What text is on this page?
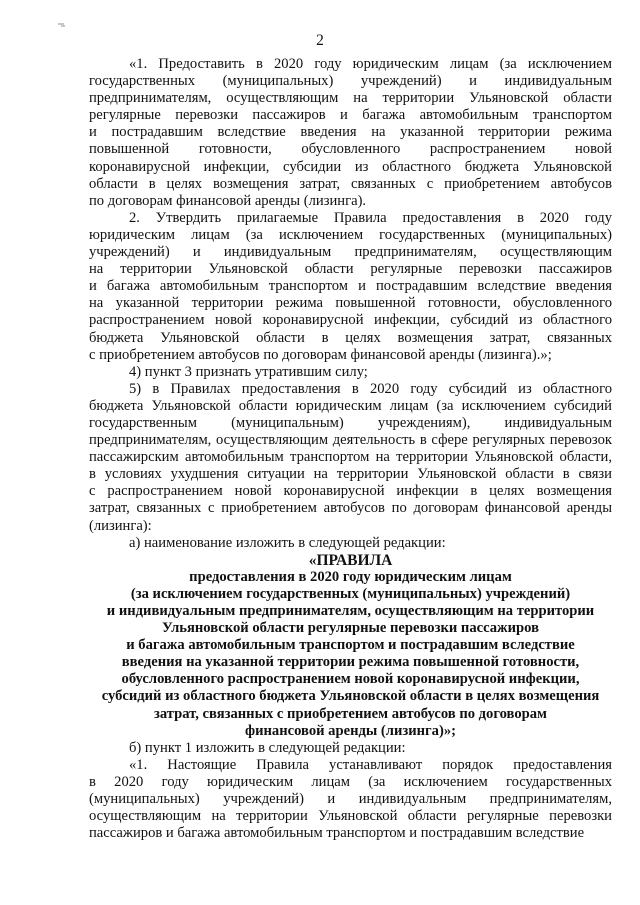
2
«1. Предоставить в 2020 году юридическим лицам (за исключением
государственных (муниципальных) учреждений) и индивидуальным
предпринимателям, осуществляющим на территории Ульяновской области
регулярные перевозки пассажиров и багажа автомобильным транспортом
и пострадавшим вследствие введения на указанной территории режима
повышенной готовности, обусловленного распространением новой
коронавирусной инфекции, субсидии из областного бюджета Ульяновской
области в целях возмещения затрат, связанных с приобретением автобусов
по договорам финансовой аренды (лизинга).
2. Утвердить прилагаемые Правила предоставления в 2020 году
юридическим лицам (за исключением государственных (муниципальных)
учреждений) и индивидуальным предпринимателям, осуществляющим
на территории Ульяновской области регулярные перевозки пассажиров
и багажа автомобильным транспортом и пострадавшим вследствие введения
на указанной территории режима повышенной готовности, обусловленного
распространением новой коронавирусной инфекции, субсидий из областного
бюджета Ульяновской области в целях возмещения затрат, связанных
с приобретением автобусов по договорам финансовой аренды (лизинга).»;
4) пункт 3 признать утратившим силу;
5) в Правилах предоставления в 2020 году субсидий из областного
бюджета Ульяновской области юридическим лицам (за исключением субсидий
государственным (муниципальным) учреждениям), индивидуальным
предпринимателям, осуществляющим деятельность в сфере регулярных перевозок
пассажирским автомобильным транспортом на территории Ульяновской области,
в условиях ухудшения ситуации на территории Ульяновской области в связи
с распространением новой коронавирусной инфекции в целях возмещения
затрат, связанных с приобретением автобусов по договорам финансовой аренды
(лизинга):
а) наименование изложить в следующей редакции:
«ПРАВИЛА
предоставления в 2020 году юридическим лицам
(за исключением государственных (муниципальных) учреждений)
и индивидуальным предпринимателям, осуществляющим на территории
Ульяновской области регулярные перевозки пассажиров
и багажа автомобильным транспортом и пострадавшим вследствие
введения на указанной территории режима повышенной готовности,
обусловленного распространением новой коронавирусной инфекции,
субсидий из областного бюджета Ульяновской области в целях возмещения
затрат, связанных с приобретением автобусов по договорам
финансовой аренды (лизинга)»;
б) пункт 1 изложить в следующей редакции:
«1. Настоящие Правила устанавливают порядок предоставления
в 2020 году юридическим лицам (за исключением государственных
(муниципальных) учреждений) и индивидуальным предпринимателям,
осуществляющим на территории Ульяновской области регулярные перевозки
пассажиров и багажа автомобильным транспортом и пострадавшим вследствие
